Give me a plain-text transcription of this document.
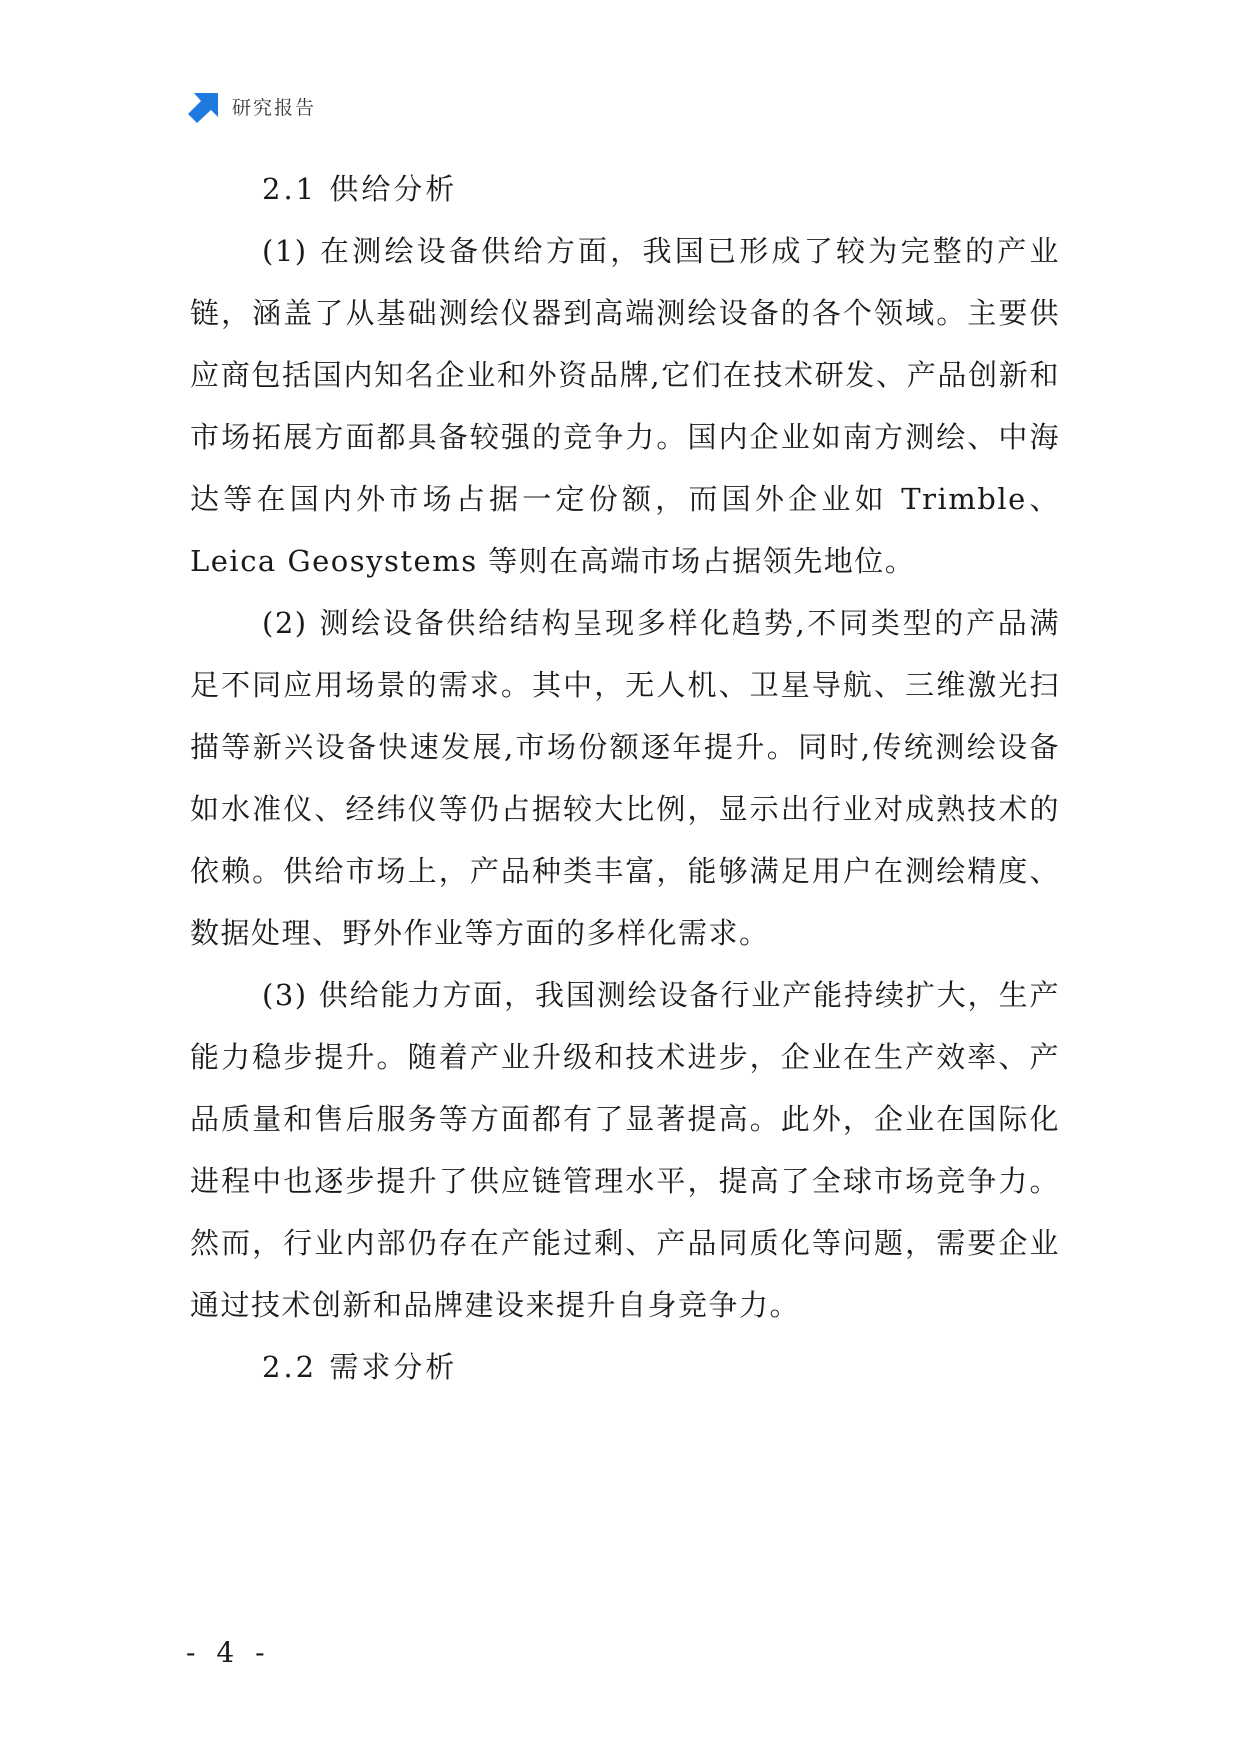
研究报告
2.1 供给分析

(1) 在测绘设备供给方面，我国已形成了较为完整的产业链，涵盖了从基础测绘仪器到高端测绘设备的各个领域。主要供应商包括国内知名企业和外资品牌,它们在技术研发、产品创新和市场拓展方面都具备较强的竞争力。国内企业如南方测绘、中海达等在国内外市场占据一定份额，而国外企业如 Trimble、Leica Geosystems 等则在高端市场占据领先地位。

(2) 测绘设备供给结构呈现多样化趋势,不同类型的产品满足不同应用场景的需求。其中，无人机、卫星导航、三维激光扫描等新兴设备快速发展,市场份额逐年提升。同时,传统测绘设备如水准仪、经纬仪等仍占据较大比例，显示出行业对成熟技术的依赖。供给市场上，产品种类丰富，能够满足用户在测绘精度、数据处理、野外作业等方面的多样化需求。

(3) 供给能力方面，我国测绘设备行业产能持续扩大，生产能力稳步提升。随着产业升级和技术进步，企业在生产效率、产品质量和售后服务等方面都有了显著提高。此外，企业在国际化进程中也逐步提升了供应链管理水平，提高了全球市场竞争力。然而，行业内部仍存在产能过剩、产品同质化等问题，需要企业通过技术创新和品牌建设来提升自身竞争力。

2.2 需求分析
- 4 -
